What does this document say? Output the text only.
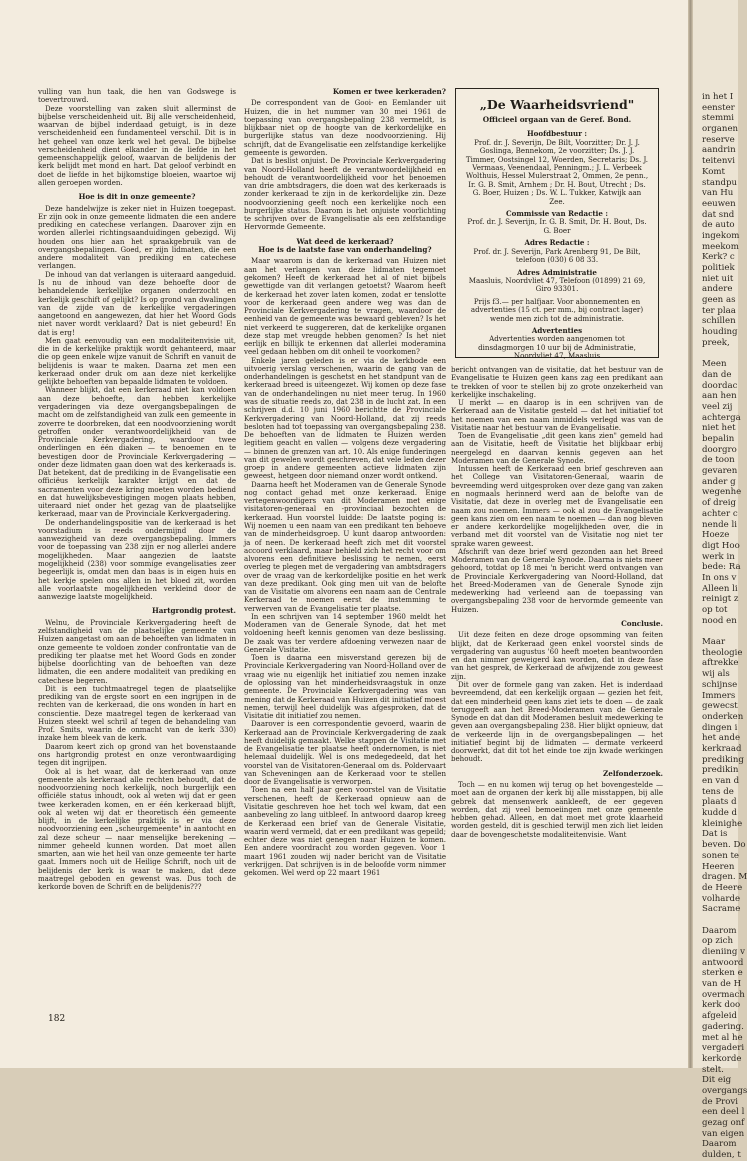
vulling van hun taak, die hen van Godswege is toevertrouwd.

Deze voorstelling van zaken sluit allerminst de bijbelse verscheidenheid uit. Bij alle verscheidenheid, waarvan de bijbel inderdaad getuigt, is in deze verscheidenheid een fundamenteel verschil. Dit is in het geheel van onze kerk wel het geval. De bijbelse verscheidenheid dient elkander in de liefde in het gemeenschappelijk geloof, waarvan de belijdenis der kerk belijdt met mond en hart. Dat geloof verbindt en doet de liefde in het bijkomstige bloeien, waartoe wij allen geroepen worden.

Hoe is dit in onze gemeente?

Deze handelwijze is zeker niet in Huizen toegepast. Er zijn ook in onze gemeente lidmaten die een andere prediking en catechese verlangen. Daarover zijn en worden allerlei richtingsaanduidingen gebezigd. Wij houden ons hier aan het spraakgebruik van de overgangsbepalingen. Goed, er zijn lidmaten, die een andere modaliteit van prediking en catechese verlangen.

De inhoud van dat verlangen is uiteraard aangeduid. Is nu de inhoud van deze behoefte door de behandelende kerkelijke organen onderzocht en kerkelijk geschift of gelijkt? Is op grond van dwalingen van de zijde van de kerkelijke vergaderingen aangetoond en aangewezen, dat hier het Woord Gods niet naver wordt verklaard? Dat is niet gebeurd! En dat is erg!

Men gaat eenvoudig van een modaliteitenvisie uit, die in de kerkelijke praktijk wordt gehanteerd, maar die op geen enkele wijze vanuit de Schrift en vanuit de belijdenis is waar te maken. Daarna zet men een kerkeraad onder druk om aan deze niet kerkelijke gelijkte behoeften van bepaalde lidmaten te voldoen.

Wanneer blijkt, dat een kerkeraad niet kan voldoen aan deze behoefte, dan hebben kerkelijke vergaderingen via deze overgangsbepalingen de macht om de zelfstandigheid van zulk een gemeente in zoverre te doorbreken, dat een noodvoorziening wordt getroffen onder verantwoordelijkheid van de Provinciale Kerkvergadering, waardoor twee onderlingen en één diaken — te benoemen en te bevestigen door de Provinciale Kerkvergadering — onder deze lidmaten gaan doen wat des kerkeraads is. Dat betekent, dat de prediking in de Evangelisatie een officiëus kerkelijk karakter krijgt en dat de sacramenten voor deze kring moeten worden bediend en dat huwelijksbevestigingen mogen plaats hebben, uiteraard niet onder het gezag van de plaatselijke kerkeraad, maar van de Provinciale Kerkvergadering.

De onderhandelingspositie van de kerkeraad is het voorstadium is reeds ondermijnd door de aanwezigheid van deze overgangsbepaling. Immers voor de toepassing van 238 zijn er nog allerlei andere mogelijkheden. Maar aangezien de laatste mogelijkheid (238) voor sommige evangelisaties zeer begeerlijk is, omdat men dan baas is in eigen huis en het kerkje spelen ons allen in het bloed zit, worden alle voorlaatste mogelijkheden verkleind door de aanwezige laatste mogelijkheid.

Hartgrondig protest.

Welnu, de Provinciale Kerkvergadering heeft de zelfstandigheid van de plaatselijke gemeente van Huizen aangetast om aan de behoeften van lidmaten in onze gemeente te voldoen zonder confrontatie van de prediking ter plaatse met het Woord Gods en zonder bijbelse doorlichting van de behoeften van deze lidmaten, die een andere modaliteit van prediking en catechese begeren.

Dit is een tuchtmaatregel tegen de plaatselijke prediking van de ergste soort en een ingrijpen in de rechten van de kerkeraad, die ons wonden in hart en conscientie. Deze maatregel tegen de kerkeraad van Huizen steekt wel schril af tegen de behandeling van Prof. Smits, waarin de onmacht van de kerk 330) inzake hem bleek van de kerk.

Daarom keert zich op grond van het bovenstaande ons hartgrondig protest en onze verontwaardiging tegen dit ingrijpen.

Ook al is het waar, dat de kerkeraad van onze gemeente als kerkeraad alle rechten behoudt, dat de noodvoorziening noch kerkelijk, noch burgerlijk een officiële status inhoudt, ook al weten wij dat er geen twee kerkeraden komen, en er één kerkeraad blijft, ook al weten wij dat er theoretisch één gemeente blijft, in de kerkelijke praktijk is er via deze noodvoorziening een „scheurgemeente" in aantocht en zal deze scheur — naar menselijke berekening — nimmer geheeld kunnen worden. Dat moet allen smarten, aan wie het heil van onze gemeente ter harte gaat. Immers noch uit de Heilige Schrift, noch uit de belijdenis der kerk is waar te maken, dat deze maatregel geboden en gewenst was. Dus toch de kerkorde boven de Schrift en de belijdenis???

Komen er twee kerkeraden?

De correspondent van de Gooi- en Eemlander uit Huizen, die in het nummer van 30 mei 1961 de toepassing van overgangsbepaling 238 vermeldt, is blijkbaar niet op de hoogte van de kerkordelijke en burgerlijke status van deze noodvoorziening. Hij schrijft, dat de Evangelisatie een zelfstandige kerkelijke gemeente is geworden.

Dat is beslist onjuist. De Provinciale Kerkvergadering van Noord-Holland heeft de verantwoordelijkheid en behoudt de verantwoordelijkheid voor het benoemen van drie ambtsdragers, die doen wat des kerkeraads is zonder kerkeraad te zijn in de kerkordelijke zin. Deze noodvoorziening geeft noch een kerkelijke noch een burgerlijke status. Daarom is het onjuiste voorlichting te schrijven over de Evangelisatie als een zelfstandige Hervormde Gemeente.

Wat deed de kerkeraad?
Hoe is de laatste fase van onderhandeling?

Maar waarom is dan de kerkeraad van Huizen niet aan het verlangen van deze lidmaten tegemoet gekomen? Heeft de kerkeraad het al of niet bijbels gewettigde van dit verlangen getoetst? Waarom heeft de kerkeraad het zover laten komen, zodat er tenslotte voor de kerkeraad geen andere weg was dan de Provinciale Kerkvergadering te vragen, waardoor de eenheid van de gemeente was bewaard gebleven? Is het niet verkeerd te suggereren, dat de kerkelijke organen deze stap met vreugde hebben genomen? Is het niet eerlijk en billijk te erkennen dat allerlei moderamina veel gedaan hebben om dit onheil te voorkomen?

Enkele jaren geleden is er via de kerkbode een uitvoerig verslag verschenen, waarin de gang van de onderhandelingen is geschetst en het standpunt van de kerkeraad breed is uiteengezet. Wij komen op deze fase van de onderhandelingen nu niet meer terug. In 1960 was de situatie reeds zo, dat 238 in de lucht zat. In een schrijven d.d. 10 juni 1960 berichtte de Provinciale Kerkvergadering van Noord-Holland, dat zij reeds besloten had tot toepassing van overgangsbepaling 238. De behoeften van de lidmaten te Huizen werden legitiem geacht en vallen — volgens deze vergadering — binnen de grenzen van art. 10. Als enige funderingen van dit gewelen wordt geschreven, dat vele leden dezer groep in andere gemeenten actieve lidmaten zijn geweest, hetgeen door niemand onzer wordt ontkend.

Daarna heeft het Moderamen van de Generale Synode nog contact gehad met onze kerkeraad. Enige vertegenwoordigers van dit Moderamen met enige visitatoren-generaal en -provinciaal bezochten de kerkeraad. Hun voorstel luidde: De laatste poging is: Wij noemen u een naam van een predikant ten behoeve van de minderheidsgroep. U kunt daarop antwoorden: ja of neen. De kerkeraad heeft zich met dit voorstel accoord verklaard, maar behield zich het recht voor om alvorens een definitieve beslissing te nemen, eerst overleg te plegen met de vergadering van ambtsdragers over de vraag van de kerkordelijke positie en het werk van deze predikant. Ook ging men uit van de belofte van de Visitatie om alvorens een naam aan de Centrale Kerkeraad te noemen eerst de instemming te verwerven van de Evangelisatie ter plaatse.

In een schrijven van 14 september 1960 meldt het Moderamen van de Generale Synode, dat het met voldoening heeft kennis genomen van deze beslissing. De zaak was ter verdere afdoening verwezen naar de Generale Visitatie.

Toen is daarna een misverstand gerezen bij de Provinciale Kerkvergadering van Noord-Holland over de vraag wie nu eigenlijk het initiatief zou nemen inzake de oplossing van het minderheidsvraagstuk in onze gemeente. De Provinciale Kerkvergadering was van mening dat de Kerkeraad van Huizen dit initiatief moest nemen, terwijl heel duidelijk was afgesproken, dat de Visitatie dit initiatief zou nemen.

Daarover is een correspondentie gevoerd, waarin de Kerkeraad aan de Provinciale Kerkvergadering de zaak heeft duidelijk gemaakt. Welke stappen de Visitatie met de Evangelisatie ter plaatse heeft ondernomen, is niet helemaal duidelijk. Wel is ons medegedeeld, dat het voorstel van de Visitatoren-Generaal om ds. Poldervaart van Scheveningen aan de Kerkeraad voor te stellen door de Evangelisatie is verworpen.

Toen na een half jaar geen voorstel van de Visitatie verschenen, heeft de Kerkeraad opnieuw aan de Visitatie geschreven hoe het toch wel kwam, dat een aanbeveling zo lang uitbleef. In antwoord daarop kreeg de Kerkeraad een brief van de Generale Visitatie, waarin werd vermeld, dat er een predikant was gepeild; echter deze was niet genegen naar Huizen te komen. Een andere voordracht zou worden gegeven. Voor 1 maart 1961 zouden wij nader bericht van de Visitatie verkrijgen. Dat schrijven is in de beloofde vorm nimmer gekomen. Wel werd op 22 maart 1961

„De Waarheidsvriend"
Officieel orgaan van de Geref. Bond.
Hoofdbestuur :
Prof. dr. J. Severijn, De Bilt, Voorzitter; Dr. J. J. Goslinga, Bennekom, 2e voorzitter; Ds. J. J. Timmer, Oostsingel 12, Woerden, Secretaris; Ds. J. Vermaas, Veenendaal, Penningm.; J. L. Verbeek Wolthuis, Hessel Mulerstraat 2, Ommen, 2e penn., Ir. G. B. Smit, Arnhem ; Dr. H. Bout, Utrecht ; Ds. G. Boer, Huizen ; Ds. W. L. Tukker, Katwijk aan Zee.
Commissie van Redactie :
Prof. dr. J. Severijn, Ir. G. B. Smit, Dr. H. Bout, Ds. G. Boer
Adres Redactie :
Prof. dr. J. Severijn, Park Arenberg 91, De Bilt, telefoon (030) 6 08 33.
Adres Administratie
Maasluis, Noordvliet 47, Telefoon (01899) 21 69, Giro 93301.
Prijs f3.— per halfjaar. Voor abonnementen en advertenties (15 ct. per mm., bij contract lager) wende men zich tot de administratie.
Advertenties
Advertenties worden aangenomen tot dinsdagmorgen 10 uur bij de Administratie, Noordvliet 47, Maasluis

bericht ontvangen van de visitatie, dat het bestuur van de Evangelisatie te Huizen geen kans zag een predikant aan te trekken of voor te stellen bij zo grote onzekerheid van kerkelijke inschakeling.

U merkt — en daarop is in een schrijven van de Kerkeraad aan de Visitatie gesteld — dat het initiatief tot het noemen van een naam inmiddels verlegd was van de Visitatie naar het bestuur van de Evangelisatie.

Toen de Evangelisatie „dit geen kans zien" gemeld had aan de Visitatie, heeft de Visitatie het blijkbaar erbij neergelegd en daarvan kennis gegeven aan het Moderamen van de Generale Synode.

Intussen heeft de Kerkeraad een brief geschreven aan het College van Visitatoren-Generaal, waarin de bevreemding werd uitgesproken over deze gang van zaken en nogmaals herinnerd werd aan de belofte van de Visitatie, dat deze in overleg met de Evangelisatie een naam zou noemen. Immers — ook al zou de Evangelisatie geen kans zien om een naam te noemen — dan nog bleven er andere kerkordelijke mogelijkheden over, die in verband met dit voorstel van de Visitatie nog niet ter sprake waren geweest.

Afschrift van deze brief werd gezonden aan het Breed Moderamen van de Generale Synode. Daarna is niets meer gehoord, totdat op 18 mei 'n bericht werd ontvangen van de Provinciale Kerkvergadering van Noord-Holland, dat het Breed-Moderamen van de Generale Synode zijn medewerking had verleend aan de toepassing van overgangsbepaling 238 voor de hervormde gemeente van Huizen.

Conclusie.

Uit deze feiten en deze droge opsomming van feiten blijkt, dat de Kerkeraad geen enkel voorstel sinds de vergadering van augustus '60 heeft moeten beantwoorden en dan nimmer geweigerd kan worden, dat in deze fase van het gesprek, de Kerkeraad de afwijzende zou geweest zijn.

Dit over de formele gang van zaken. Het is inderdaad bevreemdend, dat een kerkelijk orgaan — gezien het feit, dat een minderheid geen kans ziet iets te doen — de zaak teruggeeft aan het Breed-Moderamen van de Generale Synode en dat dan dit Moderamen besluit medewerking te geven aan overgangsbepaling 238. Hier blijkt opnieuw, dat de verkeerde lijn in de overgangsbepalingen — het initiatief begint bij de lidmaten — dermate verkeerd doorwerkt, dat dit tot het einde toe zijn kwade werkingen behoudt.

Zelfonderzoek.

Toch — en nu komen wij terug op het bovengestelde — moet aan de organen der kerk bij alle misstappen, bij alle gebrek dat mensenwerk aankleeft, de eer gegeven worden, dat zij veel bemoeiingen met onze gemeente hebben gehad. Alleen, en dat moet met grote klaarheid worden gesteld, dit is geschied terwijl men zich liet leiden daar de bovengeschetste modaliteitenvisie. Want

182
in het I
eenster
stemmi
organen
reserve
aandrin
teitenvi
Komt
standpu
van Hu
eeuwen
dat snd
de auto
ingekom
meekom
Kerk? c
politiek
niet uit
andere
geen as
ter plaa
schillen
houding
preek,
Meen
dan de
doordac
aan hen
veel zij
achterga
niet het
bepalin
doorgro
de toon
gevaren
ander g
wegenhe
of dreig
achter c
nende li
Hoeze
digt Hoo
werk in
bede: Ra
In ons v
Alleen li
reinigt z
op tot
nood en
Maar
theologie
aftrekke
wij als
schijnse
Immers
gewecst
onderken
dingen i
het ande
kerkraad
prediking
predikin
en van d
tens de
plaats d
kudde d
kleinighe
Dat is
beven. Do
sonen te
Heeren
dragen. M
de Heere
volharde
Sacrame
Daarom
op zich
dieniing v
antwoord
sterken e
van de H
overmach
kerk doo
afgeleid
gadering.
met al he
vergaderi
kerkorde
stelt.
Dit eig
overgangs
de Provi
een deel l
gezag onf
van eigen
Daarom
dulden, t
